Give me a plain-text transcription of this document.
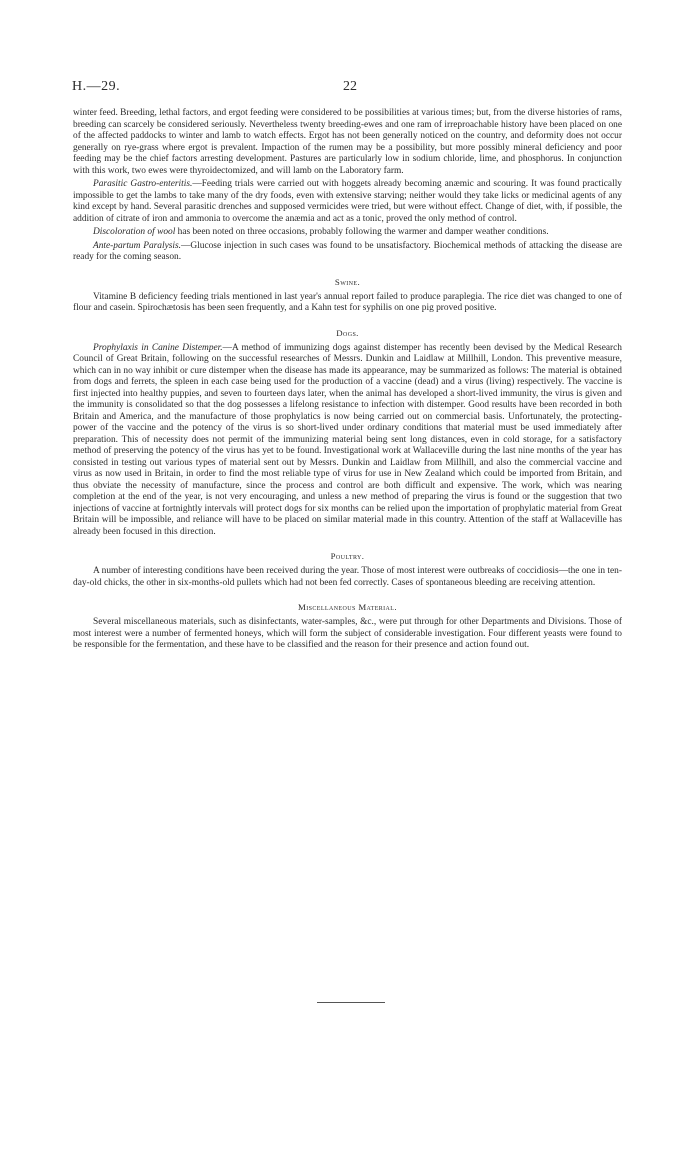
H.—29.	22

winter feed. Breeding, lethal factors, and ergot feeding were considered to be possibilities at various times; but, from the diverse histories of rams, breeding can scarcely be considered seriously. Nevertheless twenty breeding-ewes and one ram of irreproachable history have been placed on one of the affected paddocks to winter and lamb to watch effects. Ergot has not been generally noticed on the country, and deformity does not occur generally on rye-grass where ergot is prevalent. Impaction of the rumen may be a possibility, but more possibly mineral deficiency and poor feeding may be the chief factors arresting development. Pastures are particularly low in sodium chloride, lime, and phosphorus. In conjunction with this work, two ewes were thyroidectomized, and will lamb on the Laboratory farm.

Parasitic Gastro-enteritis.—Feeding trials were carried out with hoggets already becoming anæmic and scouring. It was found practically impossible to get the lambs to take many of the dry foods, even with extensive starving; neither would they take licks or medicinal agents of any kind except by hand. Several parasitic drenches and supposed vermicides were tried, but were without effect. Change of diet, with, if possible, the addition of citrate of iron and ammonia to overcome the anæmia and act as a tonic, proved the only method of control.

Discoloration of wool has been noted on three occasions, probably following the warmer and damper weather conditions.

Ante-partum Paralysis.—Glucose injection in such cases was found to be unsatisfactory. Biochemical methods of attacking the disease are ready for the coming season.

Swine.

Vitamine B deficiency feeding trials mentioned in last year's annual report failed to produce paraplegia. The rice diet was changed to one of flour and casein. Spirochætosis has been seen frequently, and a Kahn test for syphilis on one pig proved positive.

Dogs.

Prophylaxis in Canine Distemper.—A method of immunizing dogs against distemper has recently been devised by the Medical Research Council of Great Britain, following on the successful researches of Messrs. Dunkin and Laidlaw at Millhill, London. This preventive measure, which can in no way inhibit or cure distemper when the disease has made its appearance, may be summarized as follows: The material is obtained from dogs and ferrets, the spleen in each case being used for the production of a vaccine (dead) and a virus (living) respectively. The vaccine is first injected into healthy puppies, and seven to fourteen days later, when the animal has developed a short-lived immunity, the virus is given and the immunity is consolidated so that the dog possesses a lifelong resistance to infection with distemper. Good results have been recorded in both Britain and America, and the manufacture of those prophylatics is now being carried out on commercial basis. Unfortunately, the protecting-power of the vaccine and the potency of the virus is so short-lived under ordinary conditions that material must be used immediately after preparation. This of necessity does not permit of the immunizing material being sent long distances, even in cold storage, for a satisfactory method of preserving the potency of the virus has yet to be found. Investigational work at Wallaceville during the last nine months of the year has consisted in testing out various types of material sent out by Messrs. Dunkin and Laidlaw from Millhill, and also the commercial vaccine and virus as now used in Britain, in order to find the most reliable type of virus for use in New Zealand which could be imported from Britain, and thus obviate the necessity of manufacture, since the process and control are both difficult and expensive. The work, which was nearing completion at the end of the year, is not very encouraging, and unless a new method of preparing the virus is found or the suggestion that two injections of vaccine at fortnightly intervals will protect dogs for six months can be relied upon the importation of prophylatic material from Great Britain will be impossible, and reliance will have to be placed on similar material made in this country. Attention of the staff at Wallaceville has already been focused in this direction.

Poultry.

A number of interesting conditions have been received during the year. Those of most interest were outbreaks of coccidiosis—the one in ten-day-old chicks, the other in six-months-old pullets which had not been fed correctly. Cases of spontaneous bleeding are receiving attention.

Miscellaneous Material.

Several miscellaneous materials, such as disinfectants, water-samples, &c., were put through for other Departments and Divisions. Those of most interest were a number of fermented honeys, which will form the subject of considerable investigation. Four different yeasts were found to be responsible for the fermentation, and these have to be classified and the reason for their presence and action found out.
